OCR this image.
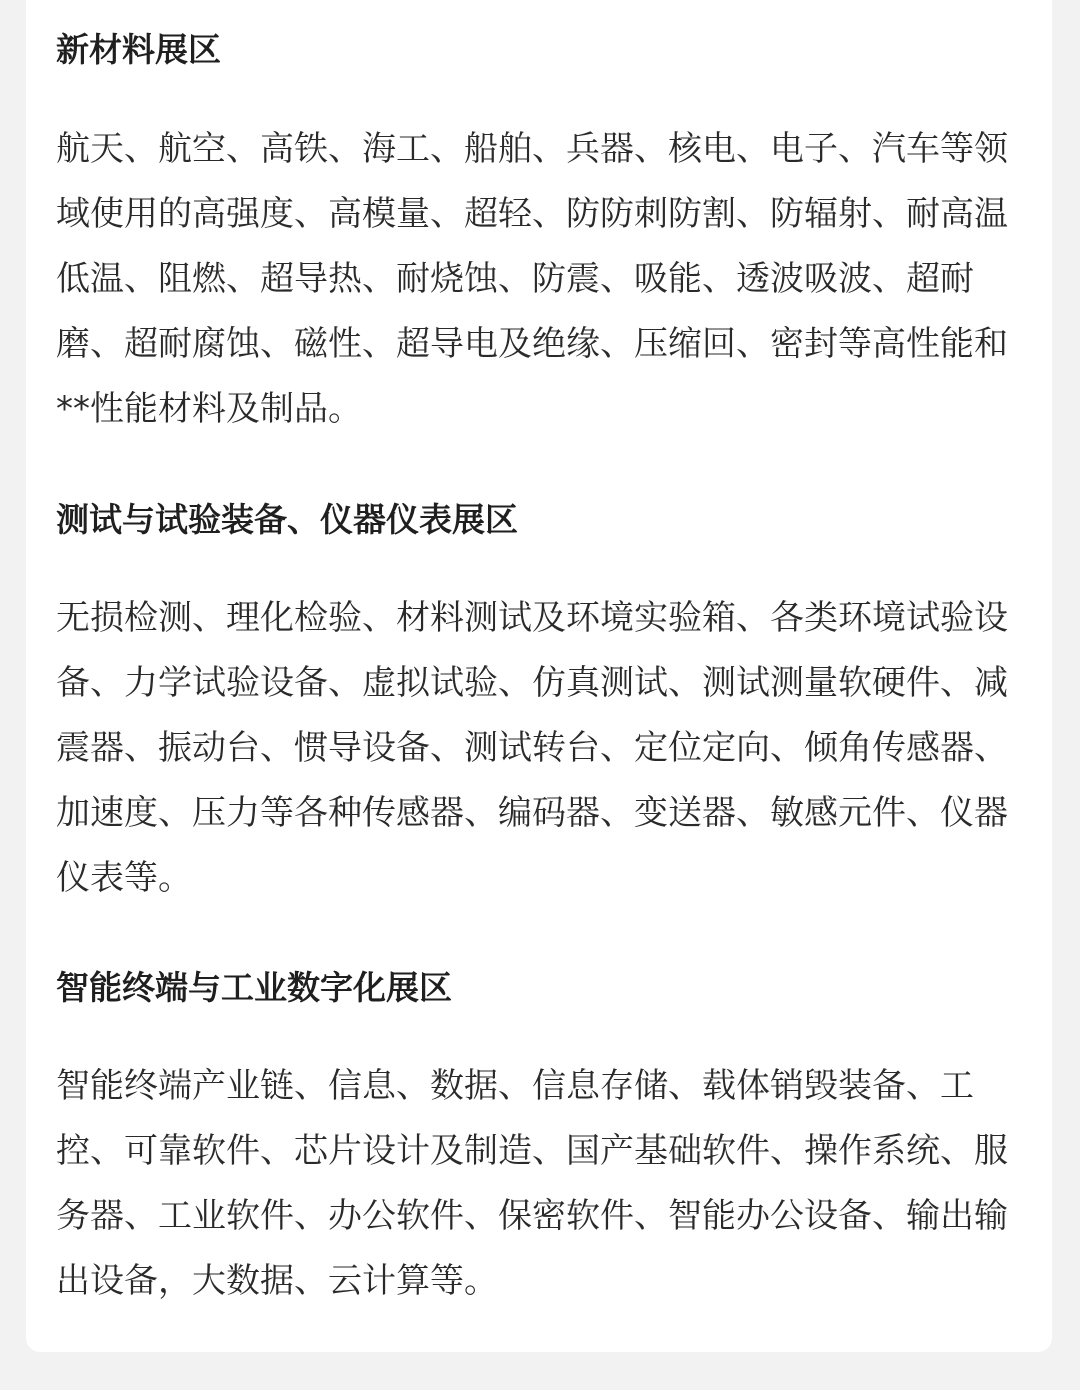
新材料展区

航天、航空、高铁、海工、船舶、兵器、核电、电子、汽车等领域使用的高强度、高模量、超轻、防防刺防割、防辐射、耐高温低温、阻燃、超导热、耐烧蚀、防震、吸能、透波吸波、超耐磨、超耐腐蚀、磁性、超导电及绝缘、压缩回、密封等高性能和**性能材料及制品。

测试与试验装备、仪器仪表展区

无损检测、理化检验、材料测试及环境实验箱、各类环境试验设备、力学试验设备、虚拟试验、仿真测试、测试测量软硬件、减震器、振动台、惯导设备、测试转台、定位定向、倾角传感器、加速度、压力等各种传感器、编码器、变送器、敏感元件、仪器仪表等。

智能终端与工业数字化展区

智能终端产业链、信息、数据、信息存储、载体销毁装备、工控、可靠软件、芯片设计及制造、国产基础软件、操作系统、服务器、工业软件、办公软件、保密软件、智能办公设备、输出输出设备，大数据、云计算等。
